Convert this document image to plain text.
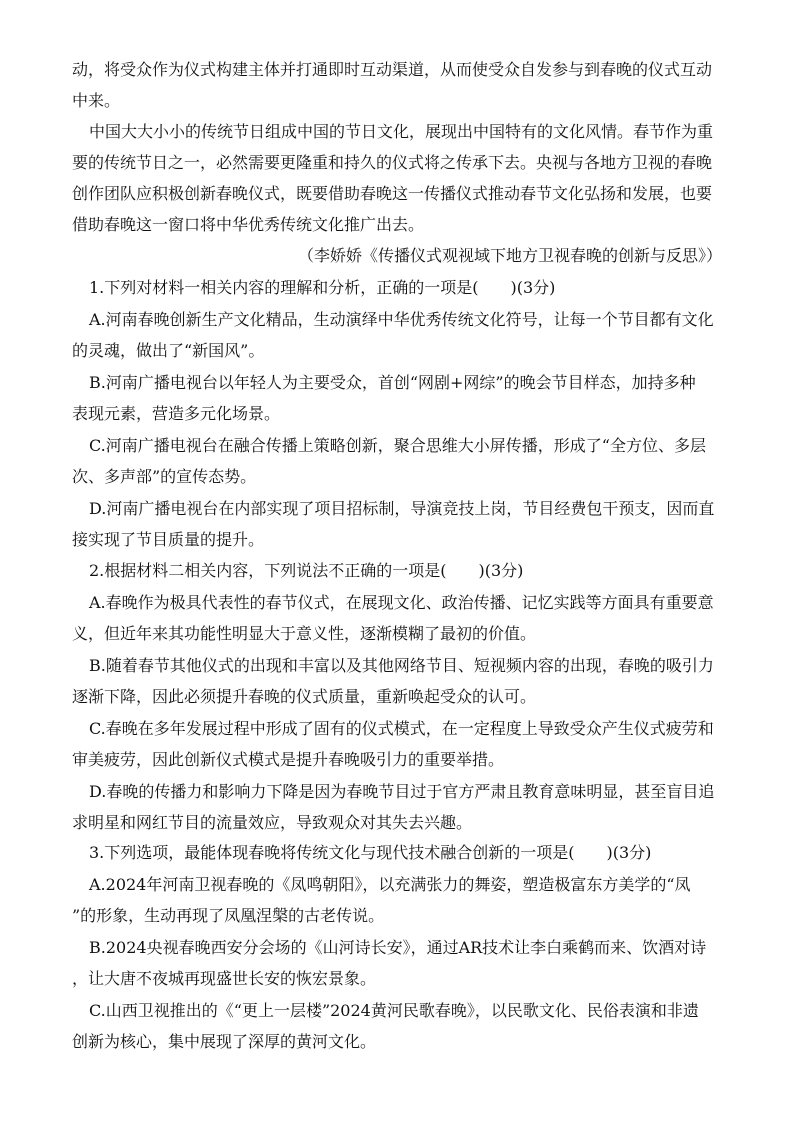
动，将受众作为仪式构建主体并打通即时互动渠道，从而使受众自发参与到春晚的仪式互动
中来。
中国大大小小的传统节日组成中国的节日文化，展现出中国特有的文化风情。春节作为重
要的传统节日之一，必然需要更隆重和持久的仪式将之传承下去。央视与各地方卫视的春晚
创作团队应积极创新春晚仪式，既要借助春晚这一传播仪式推动春节文化弘扬和发展，也要
借助春晚这一窗口将中华优秀传统文化推广出去。
（李娇娇《传播仪式观视域下地方卫视春晚的创新与反思》）
1.下列对材料一相关内容的理解和分析，正确的一项是(　　)(3分)
A.河南春晚创新生产文化精品，生动演绎中华优秀传统文化符号，让每一个节目都有文化
的灵魂，做出了“新国风”。
B.河南广播电视台以年轻人为主要受众，首创“网剧+网综”的晚会节目样态，加持多种
表现元素，营造多元化场景。
C.河南广播电视台在融合传播上策略创新，聚合思维大小屏传播，形成了“全方位、多层
次、多声部”的宣传态势。
D.河南广播电视台在内部实现了项目招标制，导演竞技上岗，节目经费包干预支，因而直
接实现了节目质量的提升。
2.根据材料二相关内容，下列说法不正确的一项是(　　)(3分)
A.春晚作为极具代表性的春节仪式，在展现文化、政治传播、记忆实践等方面具有重要意
义，但近年来其功能性明显大于意义性，逐渐模糊了最初的价值。
B.随着春节其他仪式的出现和丰富以及其他网络节目、短视频内容的出现，春晚的吸引力
逐渐下降，因此必须提升春晚的仪式质量，重新唤起受众的认可。
C.春晚在多年发展过程中形成了固有的仪式模式，在一定程度上导致受众产生仪式疲劳和
审美疲劳，因此创新仪式模式是提升春晚吸引力的重要举措。
D.春晚的传播力和影响力下降是因为春晚节目过于官方严肃且教育意味明显，甚至盲目追
求明星和网红节目的流量效应，导致观众对其失去兴趣。
3.下列选项，最能体现春晚将传统文化与现代技术融合创新的一项是(　　)(3分)
A.2024年河南卫视春晚的《凤鸣朝阳》，以充满张力的舞姿，塑造极富东方美学的“凤
”的形象，生动再现了凤凰涅槃的古老传说。
B.2024央视春晚西安分会场的《山河诗长安》，通过AR技术让李白乘鹤而来、饮酒对诗
，让大唐不夜城再现盛世长安的恢宏景象。
C.山西卫视推出的《“更上一层楼”2024黄河民歌春晚》，以民歌文化、民俗表演和非遗
创新为核心，集中展现了深厚的黄河文化。
